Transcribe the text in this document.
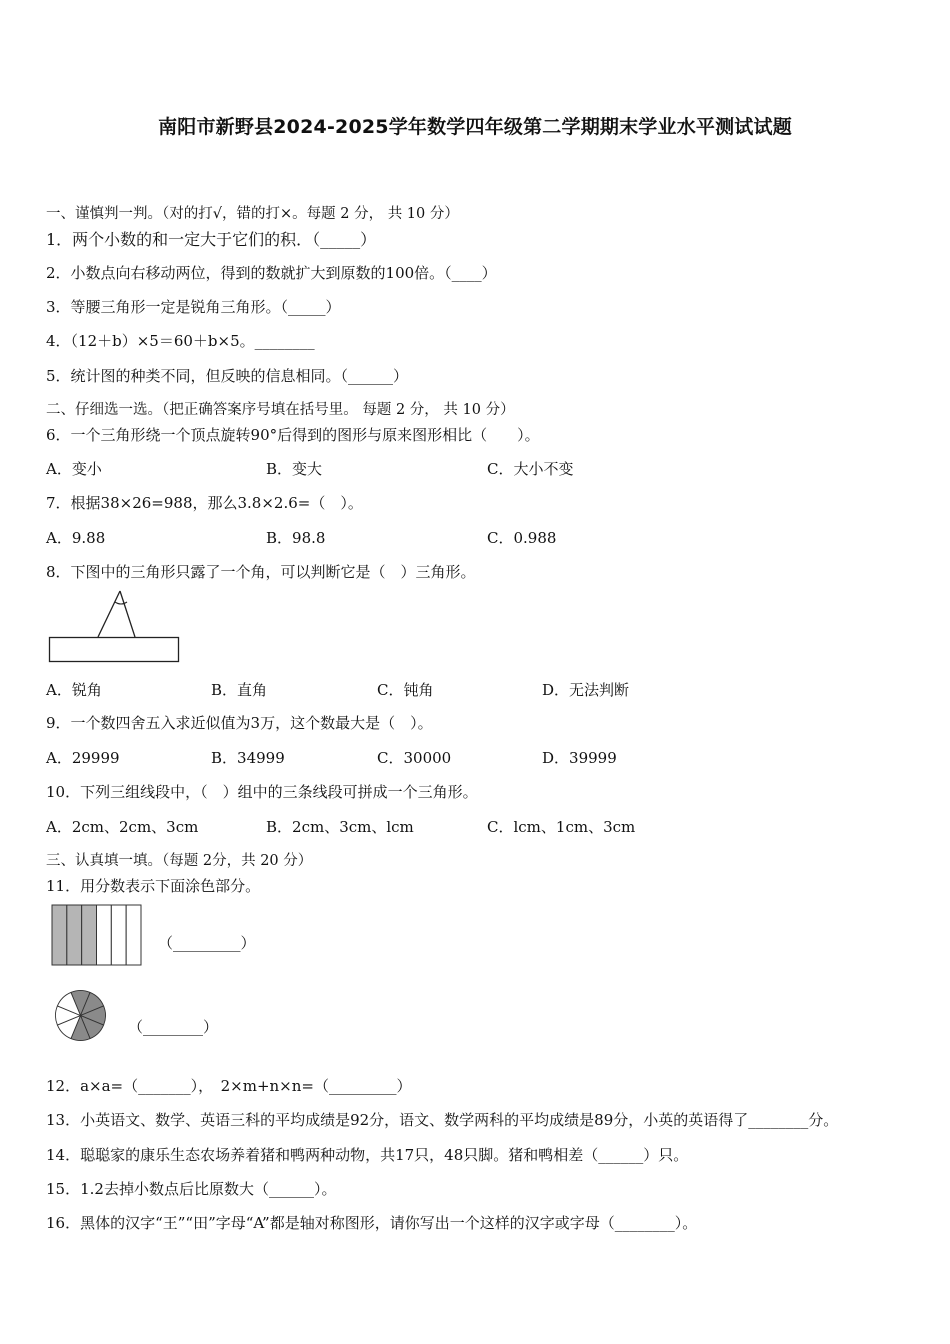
南阳市新野县2024-2025学年数学四年级第二学期期末学业水平测试试题
一、谨慎判一判。（对的打√，错的打×。每题 2 分， 共 10 分）
1．两个小数的和一定大于它们的积．（_____）
2．小数点向右移动两位，得到的数就扩大到原数的100倍。（____）
3．等腰三角形一定是锐角三角形。（_____）
4．（12＋b）×5＝60＋b×5。________
5．统计图的种类不同，但反映的信息相同。（______）
二、仔细选一选。（把正确答案序号填在括号里。 每题 2 分， 共 10 分）
6．一个三角形绕一个顶点旋转90°后得到的图形与原来图形相比（　　）。
A．变小	B．变大	C．大小不变
7．根据38×26=988，那么3.8×2.6=（　）。
A．9.88	B．98.8	C．0.988
8．下图中的三角形只露了一个角，可以判断它是（　）三角形。
A．锐角	B．直角	C．钝角	D．无法判断
9．一个数四舍五入求近似值为3万，这个数最大是（　）。
A．29999	B．34999	C．30000	D．39999
10．下列三组线段中，（　）组中的三条线段可拼成一个三角形。
A．2cm、2cm、3cm	B．2cm、3cm、lcm	C．lcm、1cm、3cm
三、认真填一填。（每题 2分，共 20 分）
11．用分数表示下面涂色部分。
（_________）
（________）
12．a×a=（_______），　2×m+n×n=（_________）
13．小英语文、数学、英语三科的平均成绩是92分，语文、数学两科的平均成绩是89分，小英的英语得了________分。
14．聪聪家的康乐生态农场养着猪和鸭两种动物，共17只，48只脚。猪和鸭相差（______）只。
15．1.2去掉小数点后比原数大（______）。
16．黑体的汉字“王”“田”字母“A”都是轴对称图形，请你写出一个这样的汉字或字母（________）。
